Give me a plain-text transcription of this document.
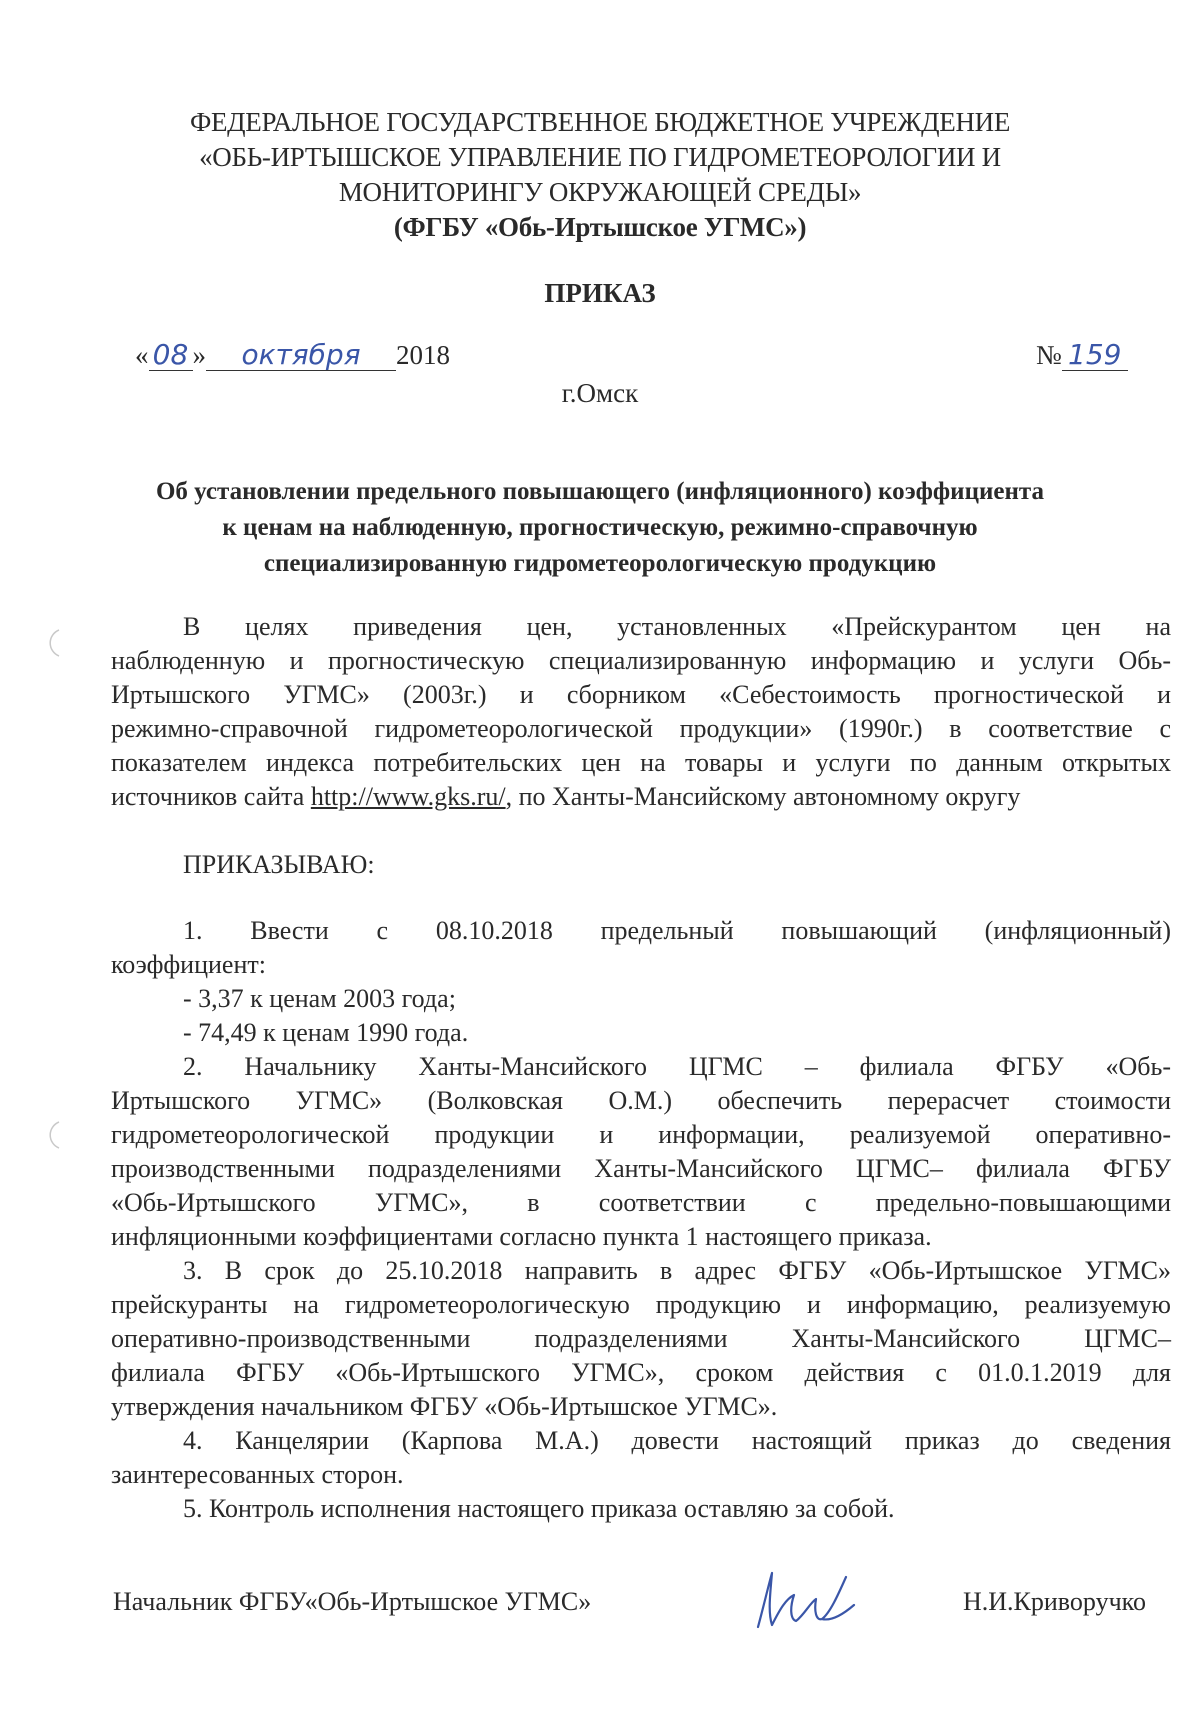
ФЕДЕРАЛЬНОЕ ГОСУДАРСТВЕННОЕ БЮДЖЕТНОЕ УЧРЕЖДЕНИЕ
«ОБЬ-ИРТЫШСКОЕ УПРАВЛЕНИЕ ПО ГИДРОМЕТЕОРОЛОГИИ И
МОНИТОРИНГУ ОКРУЖАЮЩЕЙ СРЕДЫ»
(ФГБУ «Обь-Иртышское УГМС»)
ПРИКАЗ
« 08 » октября 2018	№ 159
г.Омск
Об установлении предельного повышающего (инфляционного) коэффициента
к ценам на наблюденную, прогностическую, режимно-справочную
специализированную гидрометеорологическую продукцию
В целях приведения цен, установленных «Прейскурантом цен на
наблюденную и прогностическую специализированную информацию и услуги Обь-
Иртышского УГМС» (2003г.) и сборником «Себестоимость прогностической и
режимно-справочной гидрометеорологической продукции» (1990г.) в соответствие с
показателем индекса потребительских цен на товары и услуги по данным открытых
источников сайта http://www.gks.ru/, по Ханты-Мансийскому автономному округу
ПРИКАЗЫВАЮ:
1. Ввести с 08.10.2018 предельный повышающий (инфляционный)
коэффициент:
- 3,37 к ценам 2003 года;
- 74,49 к ценам 1990 года.
2. Начальнику Ханты-Мансийского ЦГМС – филиала ФГБУ «Обь-
Иртышского УГМС» (Волковская О.М.) обеспечить перерасчет стоимости
гидрометеорологической продукции и информации, реализуемой оперативно-
производственными подразделениями Ханты-Мансийского ЦГМС– филиала ФГБУ
«Обь-Иртышского УГМС», в соответствии с предельно-повышающими
инфляционными коэффициентами согласно пункта 1 настоящего приказа.
3. В срок до 25.10.2018 направить в адрес ФГБУ «Обь-Иртышское УГМС»
прейскуранты на гидрометеорологическую продукцию и информацию, реализуемую
оперативно-производственными подразделениями Ханты-Мансийского ЦГМС–
филиала ФГБУ «Обь-Иртышского УГМС», сроком действия с 01.0.1.2019 для
утверждения начальником ФГБУ «Обь-Иртышское УГМС».
4. Канцелярии (Карпова М.А.) довести настоящий приказ до сведения
заинтересованных сторон.
5. Контроль исполнения настоящего приказа оставляю за собой.
Начальник ФГБУ«Обь-Иртышское УГМС»	Н.И.Криворучко
